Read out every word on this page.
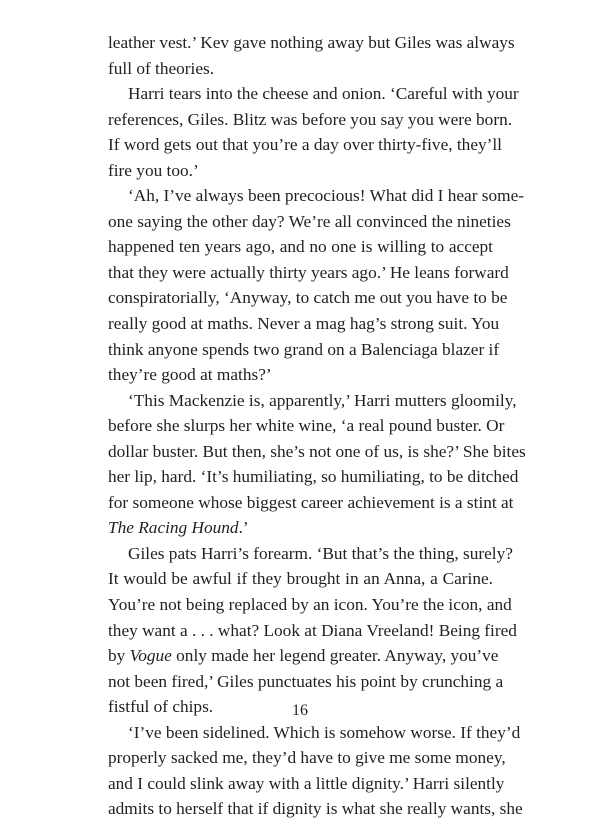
leather vest.’ Kev gave nothing away but Giles was always
full of theories.
Harri tears into the cheese and onion. ‘Careful with your
references, Giles. Blitz was before you say you were born.
If word gets out that you’re a day over thirty-five, they’ll
fire you too.’
‘Ah, I’ve always been precocious! What did I hear some-
one saying the other day? We’re all convinced the nineties
happened ten years ago, and no one is willing to accept
that they were actually thirty years ago.’ He leans forward
conspiratorially, ‘Anyway, to catch me out you have to be
really good at maths. Never a mag hag’s strong suit. You
think anyone spends two grand on a Balenciaga blazer if
they’re good at maths?’
‘This Mackenzie is, apparently,’ Harri mutters gloomily,
before she slurps her white wine, ‘a real pound buster. Or
dollar buster. But then, she’s not one of us, is she?’ She bites
her lip, hard. ‘It’s humiliating, so humiliating, to be ditched
for someone whose biggest career achievement is a stint at
The Racing Hound.’
Giles pats Harri’s forearm. ‘But that’s the thing, surely?
It would be awful if they brought in an Anna, a Carine.
You’re not being replaced by an icon. You’re the icon, and
they want a . . . what? Look at Diana Vreeland! Being fired
by Vogue only made her legend greater. Anyway, you’ve
not been fired,’ Giles punctuates his point by crunching a
fistful of chips.
‘I’ve been sidelined. Which is somehow worse. If they’d
properly sacked me, they’d have to give me some money,
and I could slink away with a little dignity.’ Harri silently
admits to herself that if dignity is what she really wants, she
16
